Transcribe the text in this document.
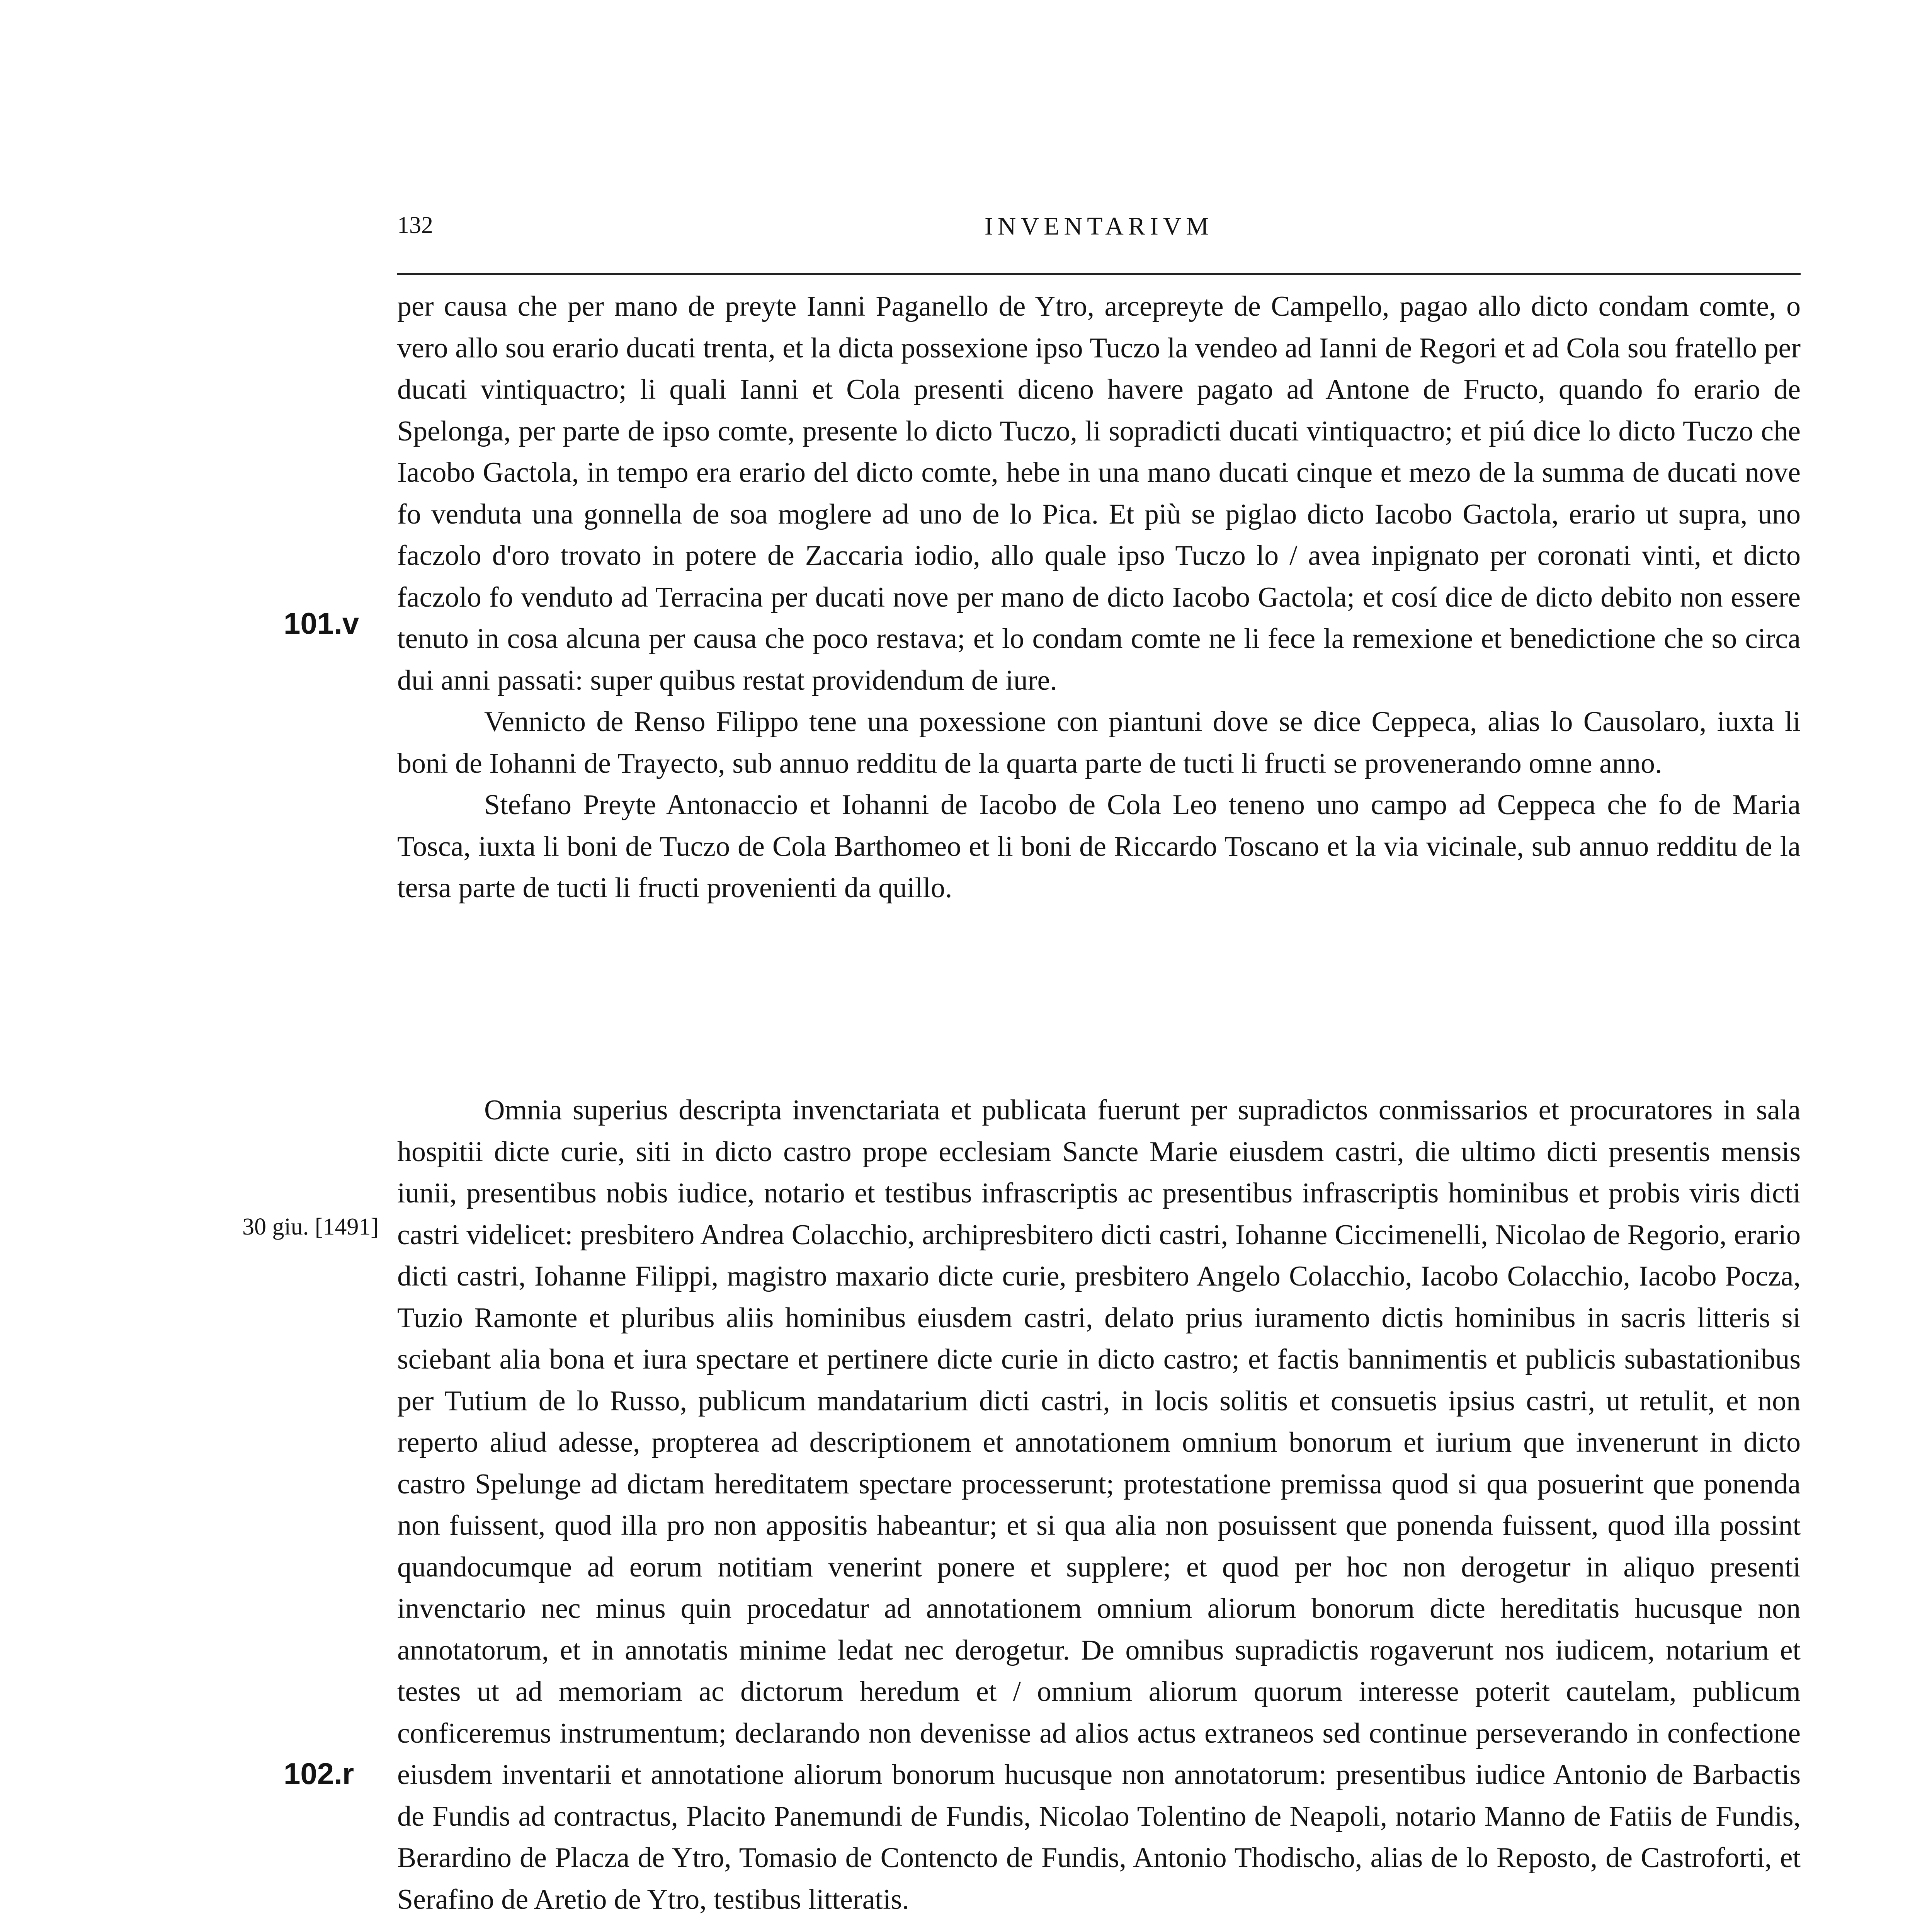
132	INVENTARIVM
101.v
102.r
30 giu. [1491]

per causa che per mano de preyte Ianni Paganello de Ytro, arcepreyte de Campello, pagao allo dicto condam comte, o vero allo sou erario ducati trenta, et la dicta possexione ipso Tuczo la vendeo ad Ianni de Regori et ad Cola sou fratello per ducati vintiquactro; li quali Ianni et Cola presenti diceno havere pagato ad Antone de Fructo, quando fo erario de Spelonga, per parte de ipso comte, presente lo dicto Tuczo, li sopradicti ducati vintiquactro; et piú dice lo dicto Tuczo che Iacobo Gactola, in tempo era erario del dicto comte, hebe in una mano ducati cinque et mezo de la summa de ducati nove fo venduta una gonnella de soa moglere ad uno de lo Pica. Et più se piglao dicto Iacobo Gactola, erario ut supra, uno faczolo d'oro trovato in potere de Zaccaria iodio, allo quale ipso Tuczo lo / avea inpignato per coronati vinti, et dicto faczolo fo venduto ad Terracina per ducati nove per mano de dicto Iacobo Gactola; et cosí dice de dicto debito non essere tenuto in cosa alcuna per causa che poco restava; et lo condam comte ne li fece la remexione et benedictione che so circa dui anni passati: super quibus restat providendum de iure.

Vennicto de Renso Filippo tene una poxessione con piantuni dove se dice Ceppeca, alias lo Causolaro, iuxta li boni de Iohanni de Trayecto, sub annuo redditu de la quarta parte de tucti li fructi se provenerando omne anno.

Stefano Preyte Antonaccio et Iohanni de Iacobo de Cola Leo teneno uno campo ad Ceppeca che fo de Maria Tosca, iuxta li boni de Tuczo de Cola Barthomeo et li boni de Riccardo Toscano et la via vicinale, sub annuo redditu de la tersa parte de tucti li fructi provenienti da quillo.

Omnia superius descripta invenctariata et publicata fuerunt per supradictos conmissarios et procuratores in sala hospitii dicte curie, siti in dicto castro prope ecclesiam Sancte Marie eiusdem castri, die ultimo dicti presentis mensis iunii, presentibus nobis iudice, notario et testibus infrascriptis ac presentibus infrascriptis hominibus et probis viris dicti castri videlicet: presbitero Andrea Colacchio, archipresbitero dicti castri, Iohanne Ciccimenelli, Nicolao de Regorio, erario dicti castri, Iohanne Filippi, magistro maxario dicte curie, presbitero Angelo Colacchio, Iacobo Colacchio, Iacobo Pocza, Tuzio Ramonte et pluribus aliis hominibus eiusdem castri, delato prius iuramento dictis hominibus in sacris litteris si sciebant alia bona et iura spectare et pertinere dicte curie in dicto castro; et factis bannimentis et publicis subastationibus per Tutium de lo Russo, publicum mandatarium dicti castri, in locis solitis et consuetis ipsius castri, ut retulit, et non reperto aliud adesse, propterea ad descriptionem et annotationem omnium bonorum et iurium que invenerunt in dicto castro Spelunge ad dictam hereditatem spectare processerunt; protestatione premissa quod si qua posuerint que ponenda non fuissent, quod illa pro non appositis habeantur; et si qua alia non posuissent que ponenda fuissent, quod illa possint quandocumque ad eorum notitiam venerint ponere et supplere; et quod per hoc non derogetur in aliquo presenti invenctario nec minus quin procedatur ad annotationem omnium aliorum bonorum dicte hereditatis hucusque non annotatorum, et in annotatis minime ledat nec derogetur. De omnibus supradictis rogaverunt nos iudicem, notarium et testes ut ad memoriam ac dictorum heredum et / omnium aliorum quorum interesse poterit cautelam, publicum conficeremus instrumentum; declarando non devenisse ad alios actus extraneos sed continue perseverando in confectione eiusdem inventarii et annotatione aliorum bonorum hucusque non annotatorum: presentibus iudice Antonio de Barbactis de Fundis ad contractus, Placito Panemundi de Fundis, Nicolao Tolentino de Neapoli, notario Manno de Fatiis de Fundis, Berardino de Placza de Ytro, Tomasio de Contencto de Fundis, Antonio Thodischo, alias de lo Reposto, de Castroforti, et Serafino de Aretio de Ytro, testibus litteratis.
